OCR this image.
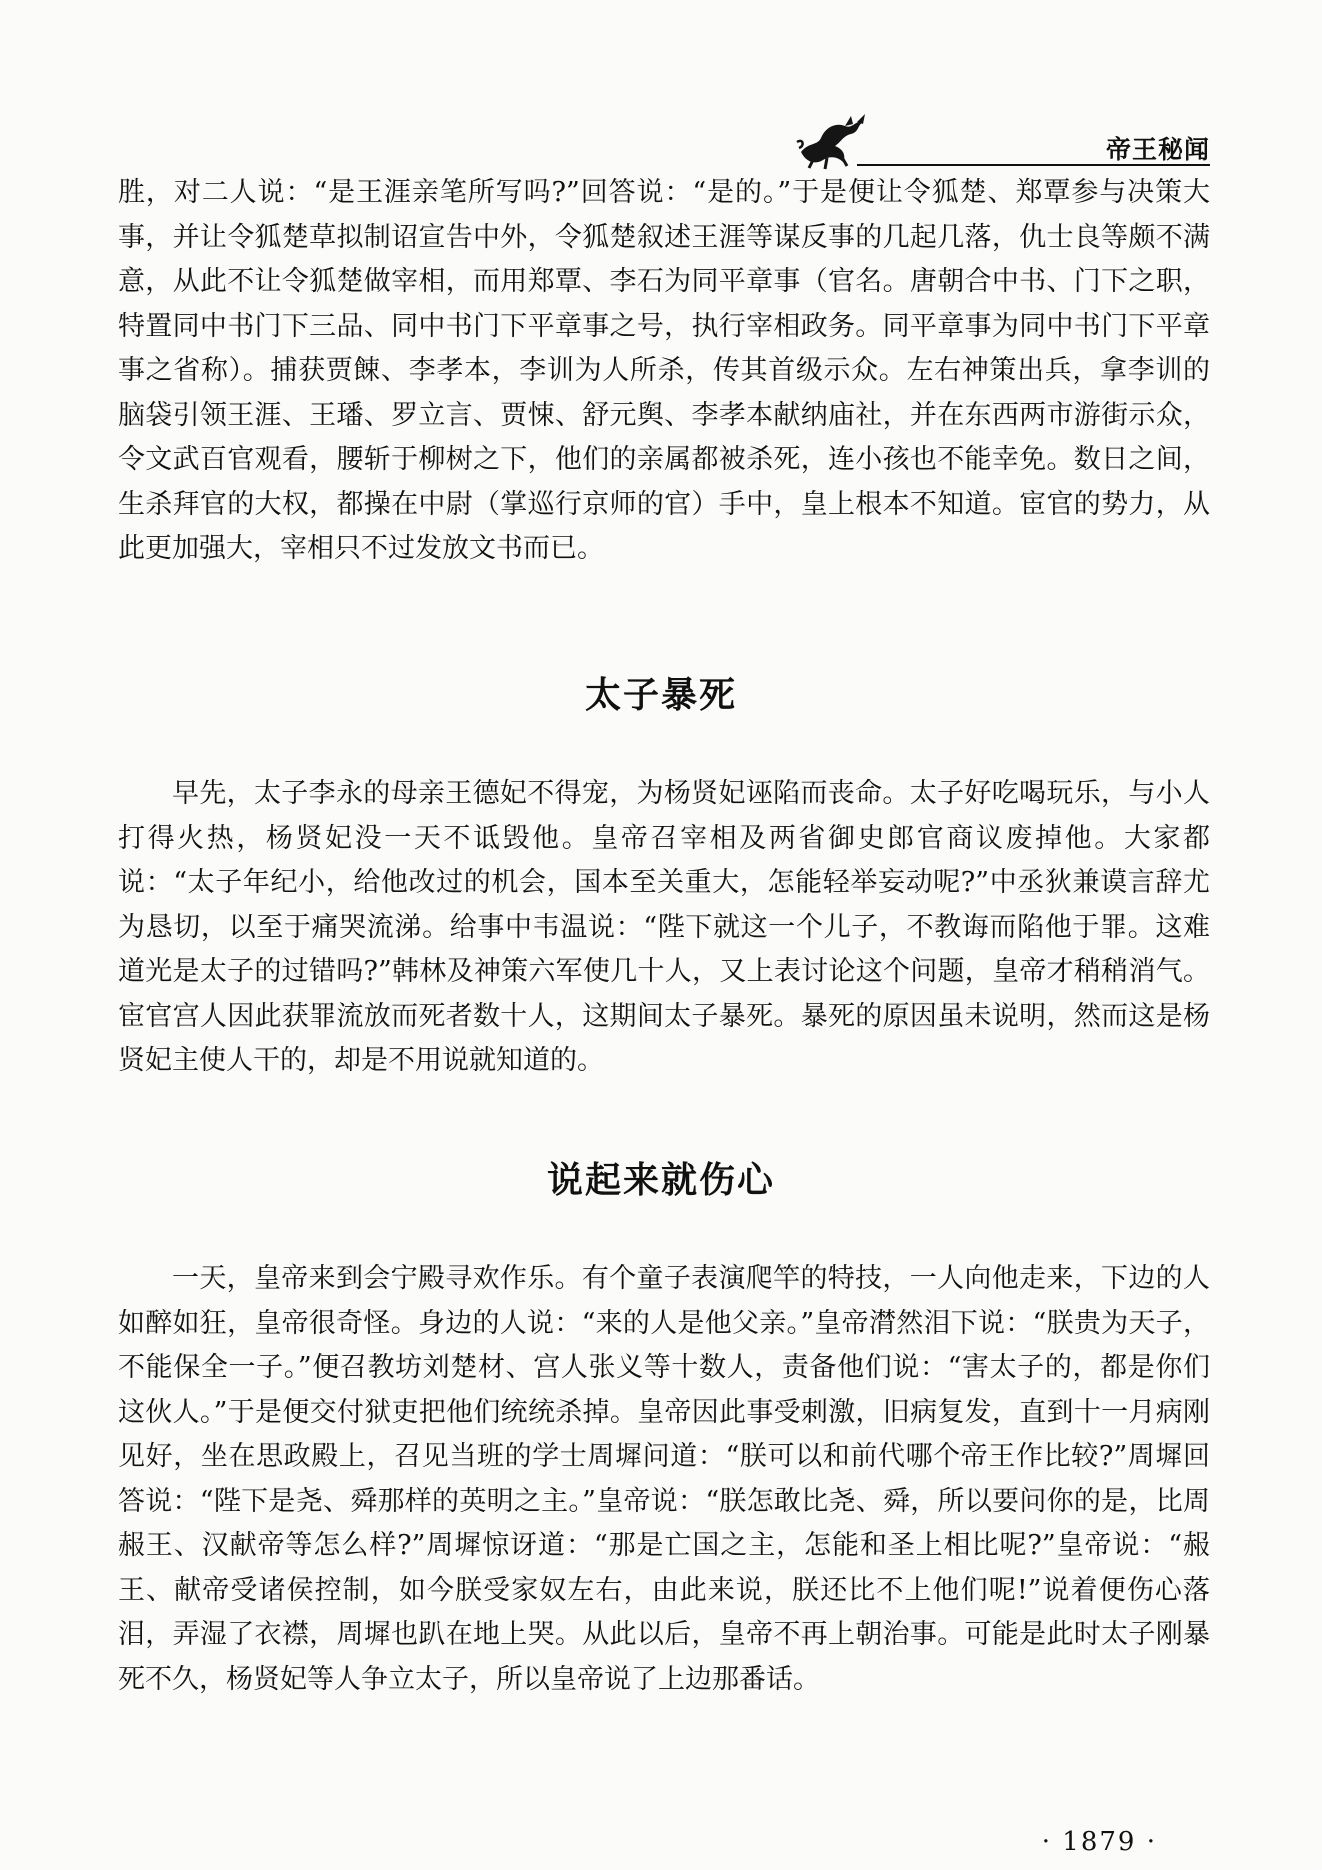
帝王秘闻

胜，对二人说：“是王涯亲笔所写吗?”回答说：“是的。”于是便让令狐楚、郑覃参与决策大事，并让令狐楚草拟制诏宣告中外，令狐楚叙述王涯等谋反事的几起几落，仇士良等颇不满意，从此不让令狐楚做宰相，而用郑覃、李石为同平章事（官名。唐朝合中书、门下之职，特置同中书门下三品、同中书门下平章事之号，执行宰相政务。同平章事为同中书门下平章事之省称）。捕获贾餗、李孝本，李训为人所杀，传其首级示众。左右神策出兵，拿李训的脑袋引领王涯、王璠、罗立言、贾悚、舒元舆、李孝本献纳庙社，并在东西两市游街示众，令文武百官观看，腰斩于柳树之下，他们的亲属都被杀死，连小孩也不能幸免。数日之间，生杀拜官的大权，都操在中尉（掌巡行京师的官）手中，皇上根本不知道。宦官的势力，从此更加强大，宰相只不过发放文书而已。

太子暴死

早先，太子李永的母亲王德妃不得宠，为杨贤妃诬陷而丧命。太子好吃喝玩乐，与小人打得火热，杨贤妃没一天不诋毁他。皇帝召宰相及两省御史郎官商议废掉他。大家都说：“太子年纪小，给他改过的机会，国本至关重大，怎能轻举妄动呢?”中丞狄兼谟言辞尤为恳切，以至于痛哭流涕。给事中韦温说：“陛下就这一个儿子，不教诲而陷他于罪。这难道光是太子的过错吗?”韩林及神策六军使几十人，又上表讨论这个问题，皇帝才稍稍消气。宦官宫人因此获罪流放而死者数十人，这期间太子暴死。暴死的原因虽未说明，然而这是杨贤妃主使人干的，却是不用说就知道的。

说起来就伤心

一天，皇帝来到会宁殿寻欢作乐。有个童子表演爬竿的特技，一人向他走来，下边的人如醉如狂，皇帝很奇怪。身边的人说：“来的人是他父亲。”皇帝潸然泪下说：“朕贵为天子，不能保全一子。”便召教坊刘楚材、宫人张义等十数人，责备他们说：“害太子的，都是你们这伙人。”于是便交付狱吏把他们统统杀掉。皇帝因此事受刺激，旧病复发，直到十一月病刚见好，坐在思政殿上，召见当班的学士周墀问道：“朕可以和前代哪个帝王作比较?”周墀回答说：“陛下是尧、舜那样的英明之主。”皇帝说：“朕怎敢比尧、舜，所以要问你的是，比周赧王、汉献帝等怎么样?”周墀惊讶道：“那是亡国之主，怎能和圣上相比呢?”皇帝说：“赧王、献帝受诸侯控制，如今朕受家奴左右，由此来说，朕还比不上他们呢!”说着便伤心落泪，弄湿了衣襟，周墀也趴在地上哭。从此以后，皇帝不再上朝治事。可能是此时太子刚暴死不久，杨贤妃等人争立太子，所以皇帝说了上边那番话。

· 1879 ·
